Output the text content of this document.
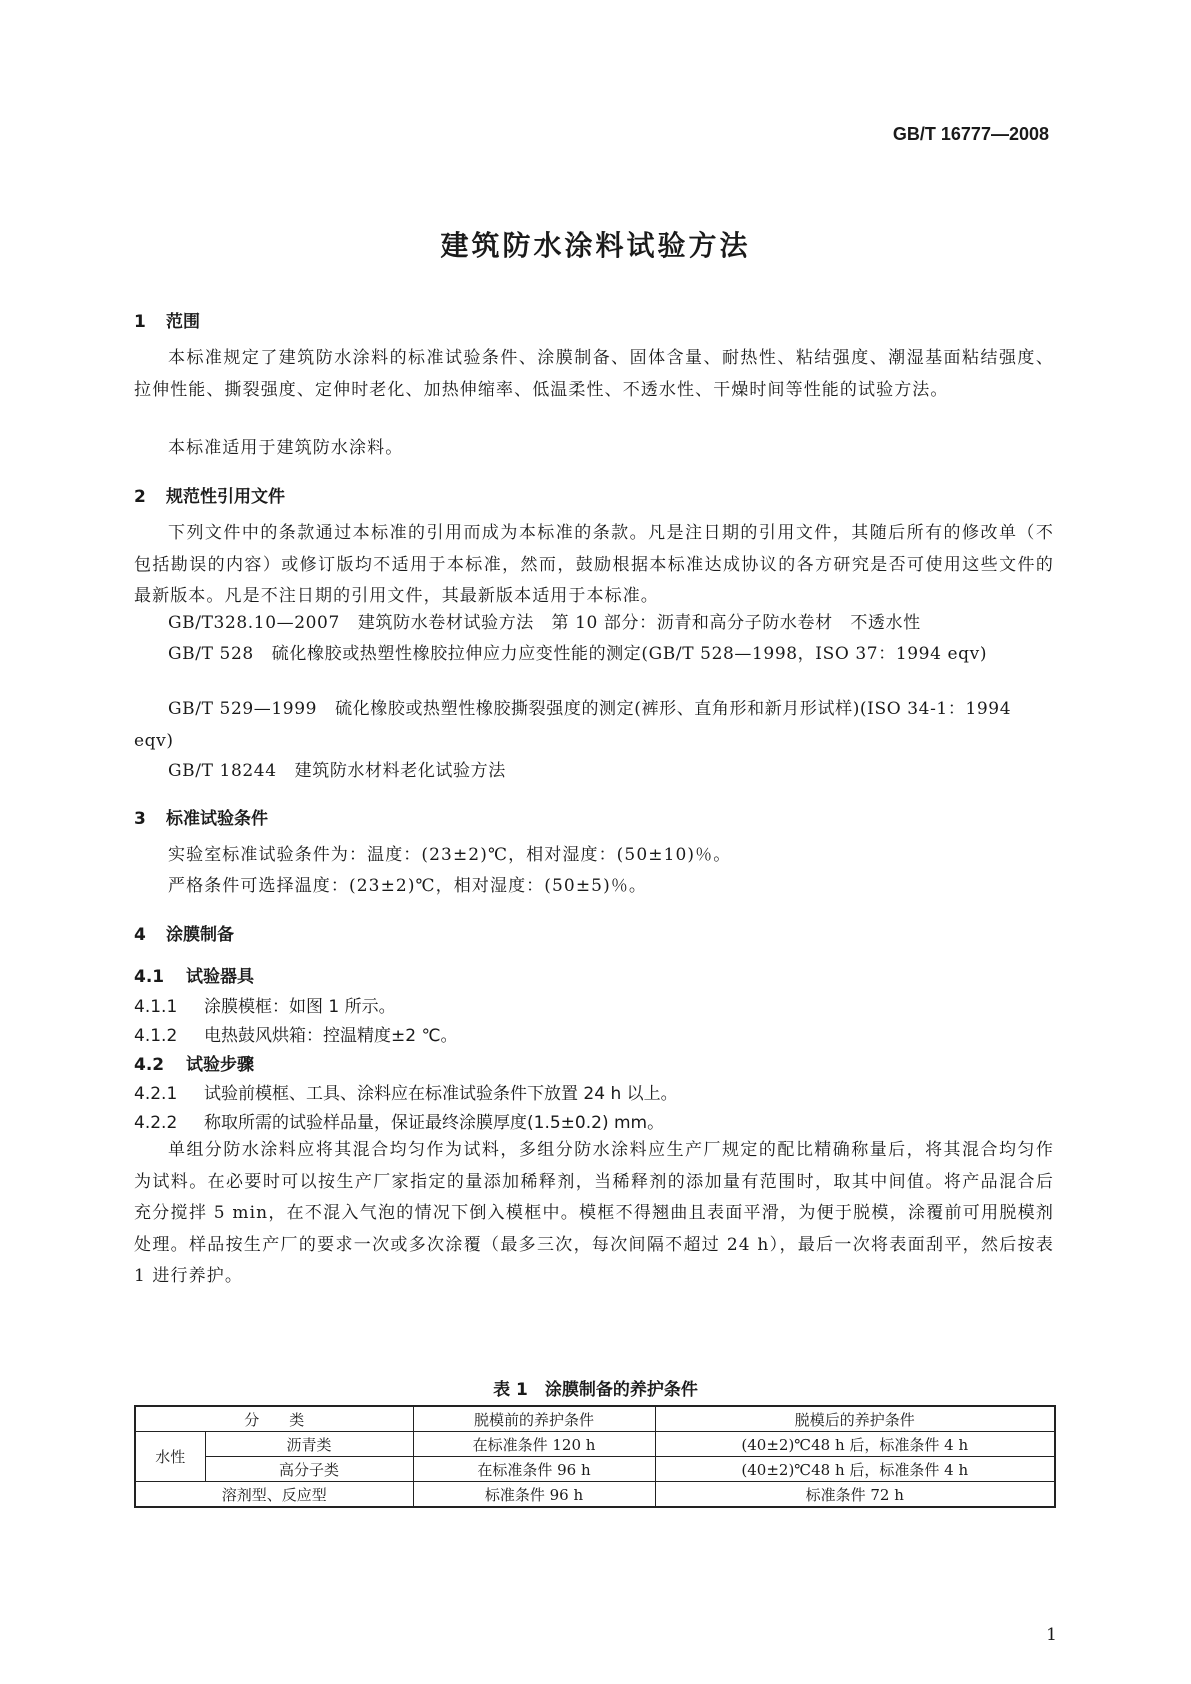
GB/T 16777—2008
建筑防水涂料试验方法
1 范围
本标准规定了建筑防水涂料的标准试验条件、涂膜制备、固体含量、耐热性、粘结强度、潮湿基面粘结强度、拉伸性能、撕裂强度、定伸时老化、加热伸缩率、低温柔性、不透水性、干燥时间等性能的试验方法。
本标准适用于建筑防水涂料。
2 规范性引用文件
下列文件中的条款通过本标准的引用而成为本标准的条款。凡是注日期的引用文件，其随后所有的修改单（不包括勘误的内容）或修订版均不适用于本标准，然而，鼓励根据本标准达成协议的各方研究是否可使用这些文件的最新版本。凡是不注日期的引用文件，其最新版本适用于本标准。
GB/T328.10—2007 建筑防水卷材试验方法　第 10 部分：沥青和高分子防水卷材　不透水性
GB/T 528 硫化橡胶或热塑性橡胶拉伸应力应变性能的测定(GB/T 528—1998，ISO 37：1994 eqv)
GB/T 529—1999 硫化橡胶或热塑性橡胶撕裂强度的测定(裤形、直角形和新月形试样)(ISO 34-1：1994 eqv)
GB/T 18244 建筑防水材料老化试验方法
3 标准试验条件
实验室标准试验条件为：温度：(23±2)℃，相对湿度：(50±10)％。
严格条件可选择温度：(23±2)℃，相对湿度：(50±5)％。
4 涂膜制备
4.1 试验器具
4.1.1 涂膜模框：如图 1 所示。
4.1.2 电热鼓风烘箱：控温精度±2 ℃。
4.2 试验步骤
4.2.1 试验前模框、工具、涂料应在标准试验条件下放置 24 h 以上。
4.2.2 称取所需的试验样品量，保证最终涂膜厚度(1.5±0.2) mm。
单组分防水涂料应将其混合均匀作为试料，多组分防水涂料应生产厂规定的配比精确称量后，将其混合均匀作为试料。在必要时可以按生产厂家指定的量添加稀释剂，当稀释剂的添加量有范围时，取其中间值。将产品混合后充分搅拌 5 min，在不混入气泡的情况下倒入模框中。模框不得翘曲且表面平滑，为便于脱模，涂覆前可用脱模剂处理。样品按生产厂的要求一次或多次涂覆（最多三次，每次间隔不超过 24 h），最后一次将表面刮平，然后按表 1 进行养护。
表 1　涂膜制备的养护条件
分　　类		脱模前的养护条件	脱模后的养护条件
水性	沥青类	在标准条件 120 h	(40±2)℃48 h 后，标准条件 4 h
	高分子类	在标准条件 96 h	(40±2)℃48 h 后，标准条件 4 h
溶剂型、反应型		标准条件 96 h	标准条件 72 h
1
